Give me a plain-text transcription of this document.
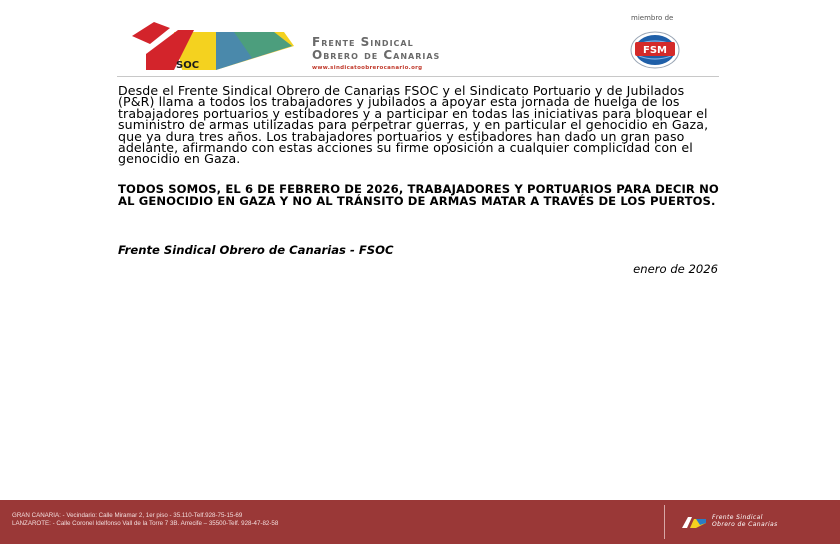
SOC
Frente Sindical
Obrero de Canarias
www.sindicatoobrerocanario.org
miembro de
FSM
Desde el Frente Sindical Obrero de Canarias FSOC y el Sindicato Portuario y de Jubilados (P&R) llama a todos los trabajadores y jubilados a apoyar esta jornada de huelga de los trabajadores portuarios y estibadores y a participar en todas las iniciativas para bloquear el suministro de armas utilizadas para perpetrar guerras, y en particular el genocidio en Gaza, que ya dura tres años. Los trabajadores portuarios y estibadores han dado un gran paso adelante, afirmando con estas acciones su firme oposición a cualquier complicidad con el genocidio en Gaza.
TODOS SOMOS, EL 6 DE FEBRERO DE 2026, TRABAJADORES Y PORTUARIOS PARA DECIR NO AL GENOCIDIO EN GAZA Y NO AL TRÁNSITO DE ARMAS MATAR A TRAVÉS DE LOS PUERTOS.
Frente Sindical Obrero de Canarias - FSOC
enero de 2026
GRAN CANARIA: - Vecindario: Calle Miramar 2, 1er piso - 35.110-Telf.928-75-15-69
LANZAROTE: - Calle Coronel Idelfonso Vall de la Torre 7 3B. Arrecife – 35500-Telf. 928-47-82-58
Frente Sindical
Obrero de Canarias
